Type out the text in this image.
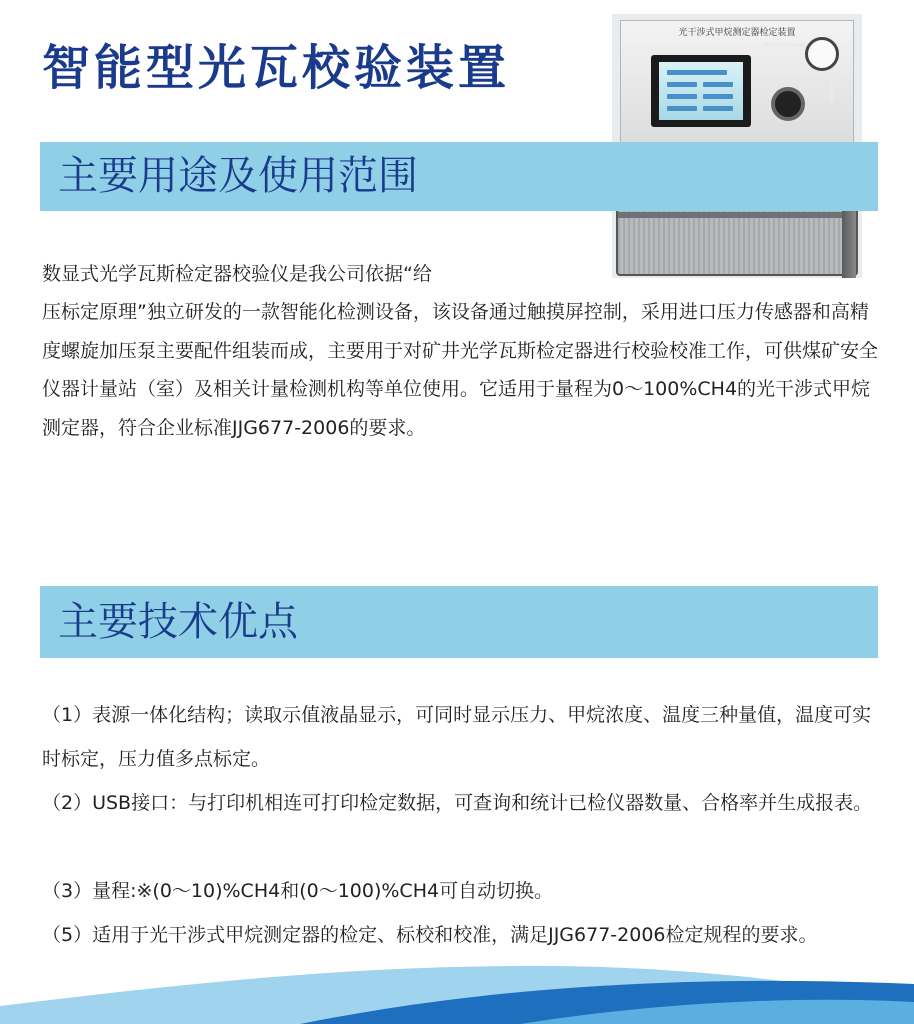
智能型光瓦校验装置
光干涉式甲烷测定器检定装置
主要用途及使用范围

数显式光学瓦斯检定器校验仪是我公司依据“给

压标定原理”独立研发的一款智能化检测设备，该设备通过触摸屏控制，采用进口压力传感器和高精度螺旋加压泵主要配件组装而成，主要用于对矿井光学瓦斯检定器进行校验校准工作，可供煤矿安全仪器计量站（室）及相关计量检测机构等单位使用。它适用于量程为0～100%CH4的光干涉式甲烷测定器，符合企业标准JJG677-2006的要求。

主要技术优点

（1）表源一体化结构；读取示值液晶显示，可同时显示压力、甲烷浓度、温度三种量值，温度可实时标定，压力值多点标定。

（2）USB接口：与打印机相连可打印检定数据，可查询和统计已检仪器数量、合格率并生成报表。

（3）量程:※(0～10)%CH4和(0～100)%CH4可自动切换。

（5）适用于光干涉式甲烷测定器的检定、标校和校准，满足JJG677-2006检定规程的要求。
